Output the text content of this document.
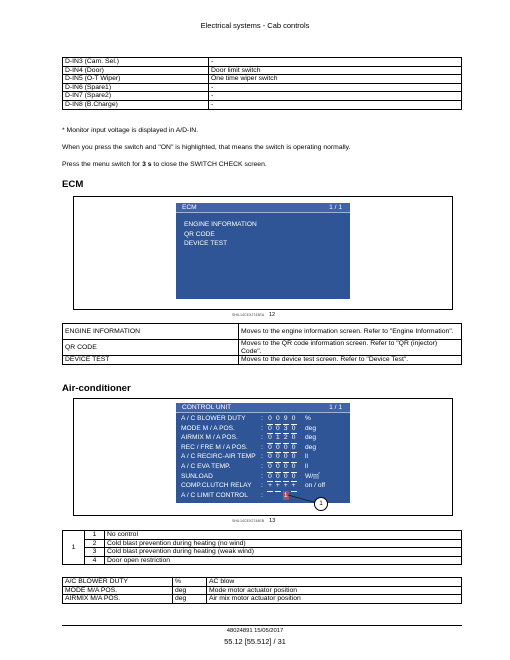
Electrical systems - Cab controls
D-IN3 (Cam. Sel.)	-
D-IN4 (Door)	Door limit switch
D-IN5 (O-T Wiper)	One time wiper switch
D-IN6 (Spare1)	-
D-IN7 (Spare2)	-
D-IN8 (B.Charge)	-
* Monitor input voltage is displayed in A/D-IN.
When you press the switch and "ON" is highlighted, that means the switch is operating normally.
Press the menu switch for 3 s to close the SWITCH CHECK screen.
ECM
ECM	1 / 1
ENGINE INFORMATION
QR CODE
DEVICE TEST
SHIL14CEX2743EA 12
ENGINE INFORMATION	Moves to the engine information screen. Refer to "Engine Information".
QR CODE	Moves to the QR code information screen. Refer to "QR (injector) Code".
DEVICE TEST	Moves to the device test screen. Refer to "Device Test".
Air-conditioner
CONTROL UNIT	1 / 1
A / C BLOWER DUTY : 0 0 9 0 %
MODE M / A POS.	: 0 0 3 0 deg
AIRMIX M / A POS.	: 0 1 2 0 deg
REC / FRE M / A POS. : 0 0 0 0 deg
A / C RECIRC-AIR TEMP : 0 0 0 0 ll
A / C EVA TEMP.	: 0 0 0 0 ll
SUNLOAD	: 0 0 0 0 W/㎡
COMP.CLUTCH RELAY : + + + + on / off
A / C LIMIT CONTROL :	1
1
SHIL14CEX2744EB 13
1	1	No control
	2	Cold blast prevention during heating (no wind)
	3	Cold blast prevention during heating (weak wind)
	4	Door open restriction
A/C BLOWER DUTY	%	AC blow
MODE M/A POS.	deg	Mode motor actuator position
AIRMIX M/A POS.	deg	Air mix motor actuator position
48024891 15/05/2017
55.12 [55.512] / 31
